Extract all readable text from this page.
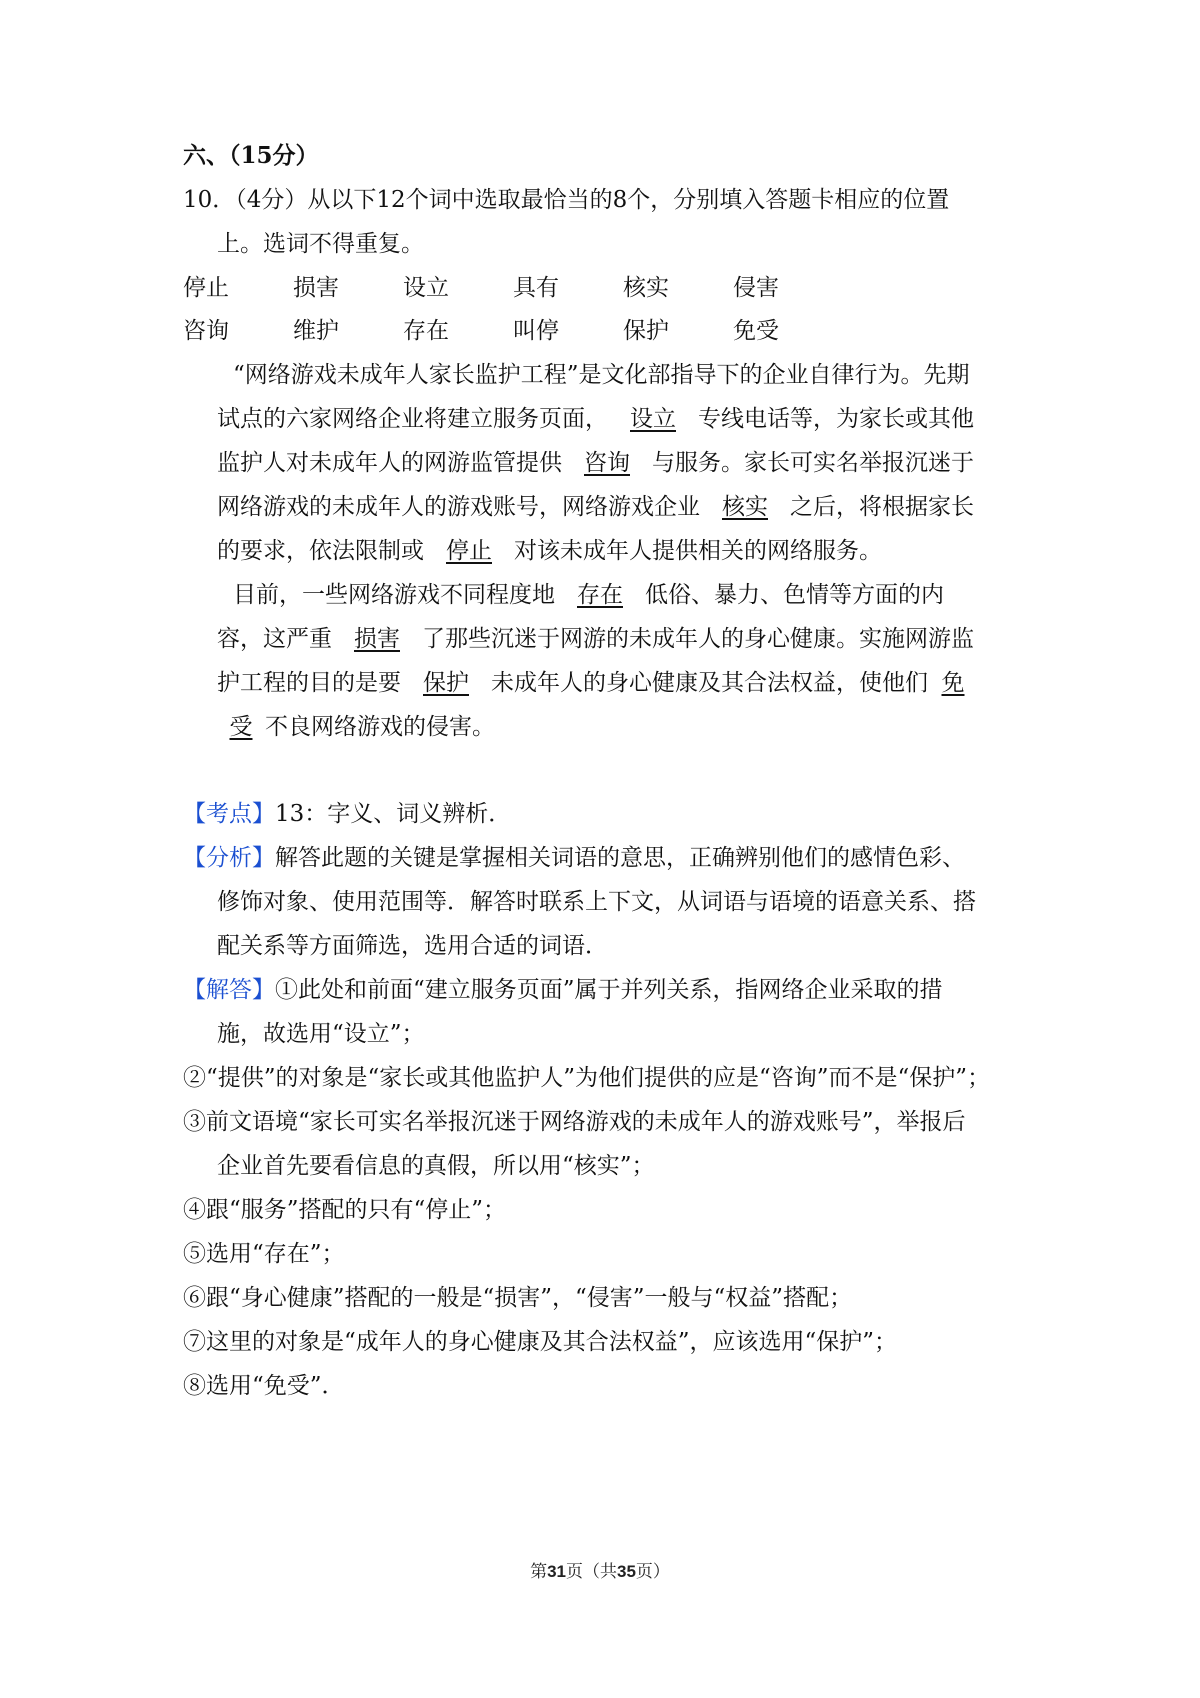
六、（15分）
10．（4分）从以下12个词中选取最恰当的8个，分别填入答题卡相应的位置
上。选词不得重复。
停止	损害	设立	具有	核实	侵害
咨询	维护	存在	叫停	保护	免受
“网络游戏未成年人家长监护工程”是文化部指导下的企业自律行为。先期
试点的六家网络企业将建立服务页面， 设立 专线电话等，为家长或其他
监护人对未成年人的网游监管提供 咨询 与服务。家长可实名举报沉迷于
网络游戏的未成年人的游戏账号，网络游戏企业 核实 之后，将根据家长
的要求，依法限制或 停止 对该未成年人提供相关的网络服务。
目前，一些网络游戏不同程度地 存在 低俗、暴力、色情等方面的内
容，这严重 损害 了那些沉迷于网游的未成年人的身心健康。实施网游监
护工程的目的是要 保护 未成年人的身心健康及其合法权益，使他们 免
受 不良网络游戏的侵害。
【考点】13：字义、词义辨析．
【分析】解答此题的关键是掌握相关词语的意思，正确辨别他们的感情色彩、
修饰对象、使用范围等．解答时联系上下文，从词语与语境的语意关系、搭
配关系等方面筛选，选用合适的词语．
【解答】①此处和前面“建立服务页面”属于并列关系，指网络企业采取的措
施，故选用“设立”；
②“提供”的对象是“家长或其他监护人”为他们提供的应是“咨询”而不是“保护”；
③前文语境“家长可实名举报沉迷于网络游戏的未成年人的游戏账号”，举报后
企业首先要看信息的真假，所以用“核实”；
④跟“服务”搭配的只有“停止”；
⑤选用“存在”；
⑥跟“身心健康”搭配的一般是“损害”，“侵害”一般与“权益”搭配；
⑦这里的对象是“成年人的身心健康及其合法权益”，应该选用“保护”；
⑧选用“免受”．
第31页（共35页）
